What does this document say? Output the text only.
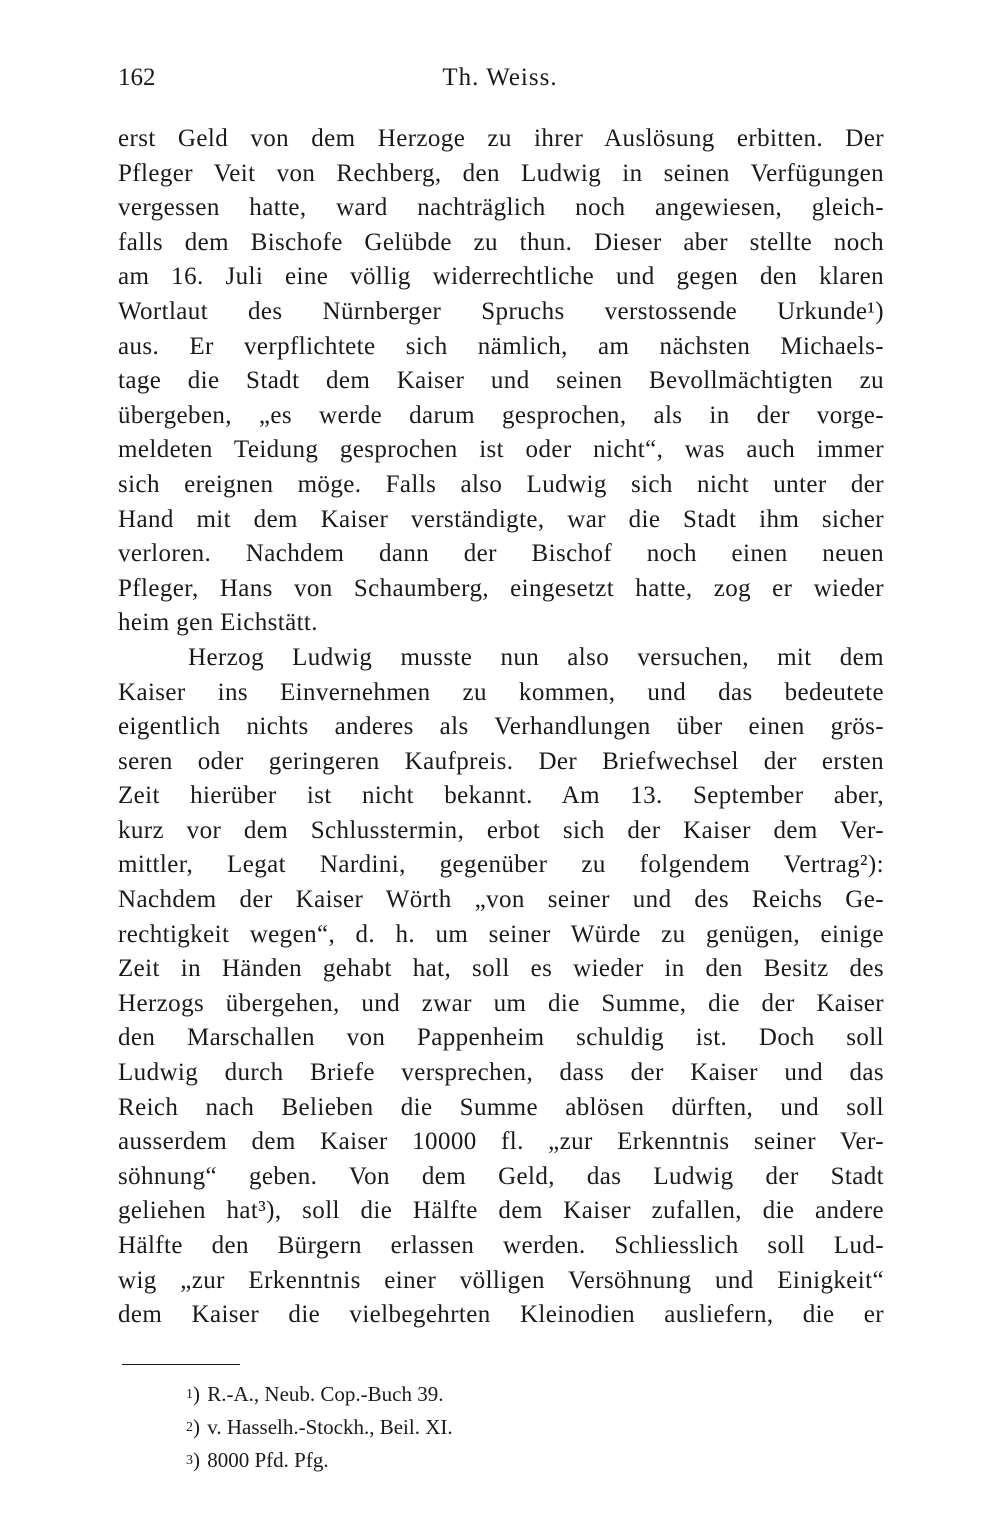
162	Th. Weiss.
erst Geld von dem Herzoge zu ihrer Auslösung erbitten. Der
Pfleger Veit von Rechberg, den Ludwig in seinen Verfügungen
vergessen hatte, ward nachträglich noch angewiesen, gleich-
falls dem Bischofe Gelübde zu thun. Dieser aber stellte noch
am 16. Juli eine völlig widerrechtliche und gegen den klaren
Wortlaut des Nürnberger Spruchs verstossende Urkunde¹)
aus. Er verpflichtete sich nämlich, am nächsten Michaels-
tage die Stadt dem Kaiser und seinen Bevollmächtigten zu
übergeben, „es werde darum gesprochen, als in der vorge-
meldeten Teidung gesprochen ist oder nicht“, was auch immer
sich ereignen möge. Falls also Ludwig sich nicht unter der
Hand mit dem Kaiser verständigte, war die Stadt ihm sicher
verloren. Nachdem dann der Bischof noch einen neuen
Pfleger, Hans von Schaumberg, eingesetzt hatte, zog er wieder
heim gen Eichstätt.
Herzog Ludwig musste nun also versuchen, mit dem
Kaiser ins Einvernehmen zu kommen, und das bedeutete
eigentlich nichts anderes als Verhandlungen über einen grös-
seren oder geringeren Kaufpreis. Der Briefwechsel der ersten
Zeit hierüber ist nicht bekannt. Am 13. September aber,
kurz vor dem Schlusstermin, erbot sich der Kaiser dem Ver-
mittler, Legat Nardini, gegenüber zu folgendem Vertrag²):
Nachdem der Kaiser Wörth „von seiner und des Reichs Ge-
rechtigkeit wegen“, d. h. um seiner Würde zu genügen, einige
Zeit in Händen gehabt hat, soll es wieder in den Besitz des
Herzogs übergehen, und zwar um die Summe, die der Kaiser
den Marschallen von Pappenheim schuldig ist. Doch soll
Ludwig durch Briefe versprechen, dass der Kaiser und das
Reich nach Belieben die Summe ablösen dürften, und soll
ausserdem dem Kaiser 10000 fl. „zur Erkenntnis seiner Ver-
söhnung“ geben. Von dem Geld, das Ludwig der Stadt
geliehen hat³), soll die Hälfte dem Kaiser zufallen, die andere
Hälfte den Bürgern erlassen werden. Schliesslich soll Lud-
wig „zur Erkenntnis einer völligen Versöhnung und Einigkeit“
dem Kaiser die vielbegehrten Kleinodien ausliefern, die er
$^1$ ) R.-A., Neub. Cop.-Buch 39.
$^2$ ) v. Hasselh.-Stockh., Beil. XI.
$^3$ ) 8000 Pfd. Pfg.
